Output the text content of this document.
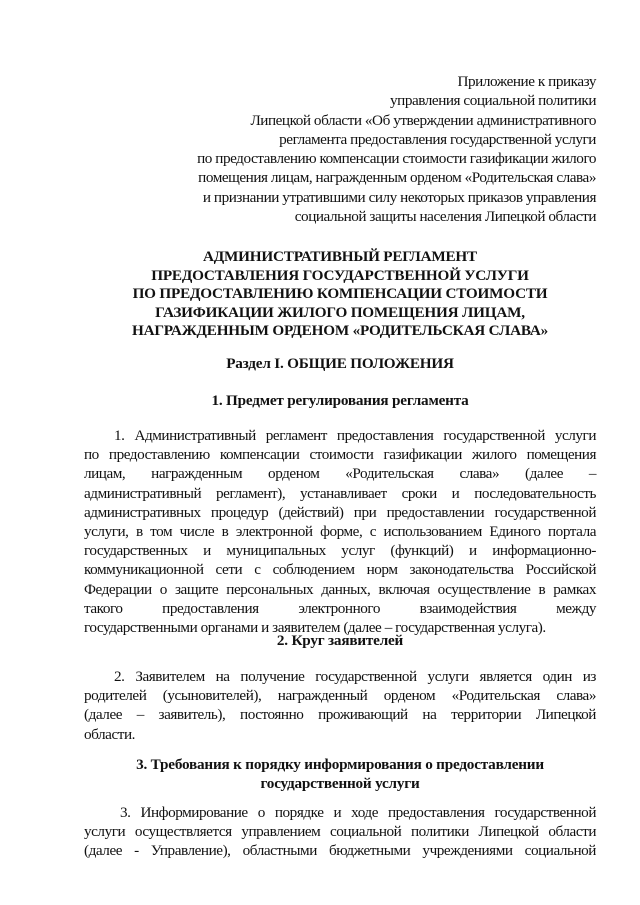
Приложение к приказу
управления социальной политики
Липецкой области «Об утверждении административного
регламента предоставления государственной услуги
по предоставлению компенсации стоимости газификации жилого
помещения лицам, награжденным орденом «Родительская слава»
и признании утратившими силу некоторых приказов управления
социальной защиты населения Липецкой области
АДМИНИСТРАТИВНЫЙ РЕГЛАМЕНТ
ПРЕДОСТАВЛЕНИЯ ГОСУДАРСТВЕННОЙ УСЛУГИ
ПО ПРЕДОСТАВЛЕНИЮ КОМПЕНСАЦИИ СТОИМОСТИ
ГАЗИФИКАЦИИ ЖИЛОГО ПОМЕЩЕНИЯ ЛИЦАМ,
НАГРАЖДЕННЫМ ОРДЕНОМ «РОДИТЕЛЬСКАЯ СЛАВА»
Раздел I. ОБЩИЕ ПОЛОЖЕНИЯ
1. Предмет регулирования регламента
1. Административный регламент предоставления государственной услуги
по предоставлению компенсации стоимости газификации жилого помещения
лицам, награжденным орденом «Родительская слава» (далее –
административный регламент), устанавливает сроки и последовательность
административных процедур (действий) при предоставлении государственной
услуги, в том числе в электронной форме, с использованием Единого портала
государственных и муниципальных услуг (функций) и информационно-
коммуникационной сети с соблюдением норм законодательства Российской
Федерации о защите персональных данных, включая осуществление в рамках
такого предоставления электронного взаимодействия между
государственными органами и заявителем (далее – государственная услуга).
2. Круг заявителей
2. Заявителем на получение государственной услуги является один из
родителей (усыновителей), награжденный орденом «Родительская слава»
(далее – заявитель), постоянно проживающий на территории Липецкой
области.
3. Требования к порядку информирования о предоставлении
государственной услуги
3. Информирование о порядке и ходе предоставления государственной
услуги осуществляется управлением социальной политики Липецкой области
(далее - Управление), областными бюджетными учреждениями социальной
